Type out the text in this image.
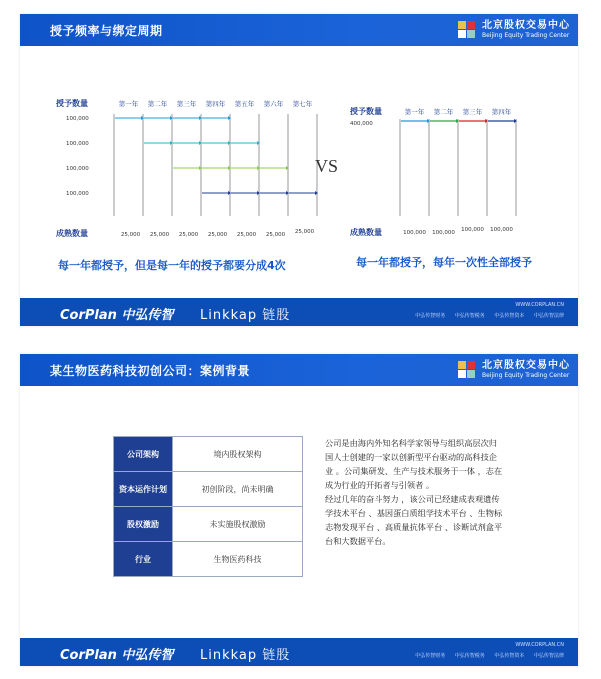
授予频率与绑定周期	北京股权交易中心
Beijing Equity Trading Center
授予数量	第一年 第二年 第三年 第四年 第五年 第六年 第七年
100,000
100,000
100,000
100,000
成熟数量	25,000 25,000 25,000 25,000 25,000 25,000 25,000
VS
授予数量	第一年 第二年 第三年 第四年
400,000
成熟数量	100,000 100,000 100,000 100,000
每一年都授予，但是每一年的授予都要分成4次	每一年都授予，每年一次性全部授予
CorPlan 中弘传智 Linkkap 链股
WWW.CORPLAN.CN
中弘传智财务 中弘传智税务 中弘传智资本 中弘传智法律
某生物医药科技初创公司：案例背景	北京股权交易中心
Beijing Equity Trading Center
公司架构	境内股权架构
资本运作计划	初创阶段，尚未明确
股权激励	未实施股权激励
行业	生物医药科技

公司是由海内外知名科学家领导与组织高层次归国人士创建的一家以创新型平台驱动的高科技企业 。公司集研发、生产与技术服务于一体 ，志在成为行业的开拓者与引领者 。

经过几年的奋斗努力 ，该公司已经建成表观遗传学技术平台 、基因蛋白质组学技术平台 、生物标志物发现平台 、高质量抗体平台 、诊断试剂盒平台和大数据平台。

CorPlan 中弘传智 Linkkap 链股
WWW.CORPLAN.CN
中弘传智财务 中弘传智税务 中弘传智资本 中弘传智法律
